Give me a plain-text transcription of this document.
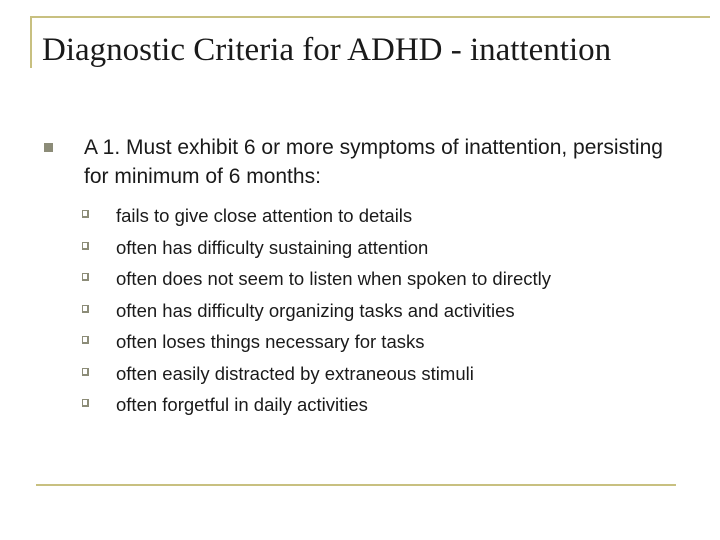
Diagnostic Criteria for ADHD - inattention
A 1. Must exhibit 6 or more symptoms of inattention, persisting for minimum of 6 months:
fails to give close attention to details
often has difficulty sustaining attention
often does not seem to listen when spoken to directly
often has difficulty organizing tasks and activities
often loses things necessary for tasks
often easily distracted by extraneous stimuli
often forgetful in daily activities
